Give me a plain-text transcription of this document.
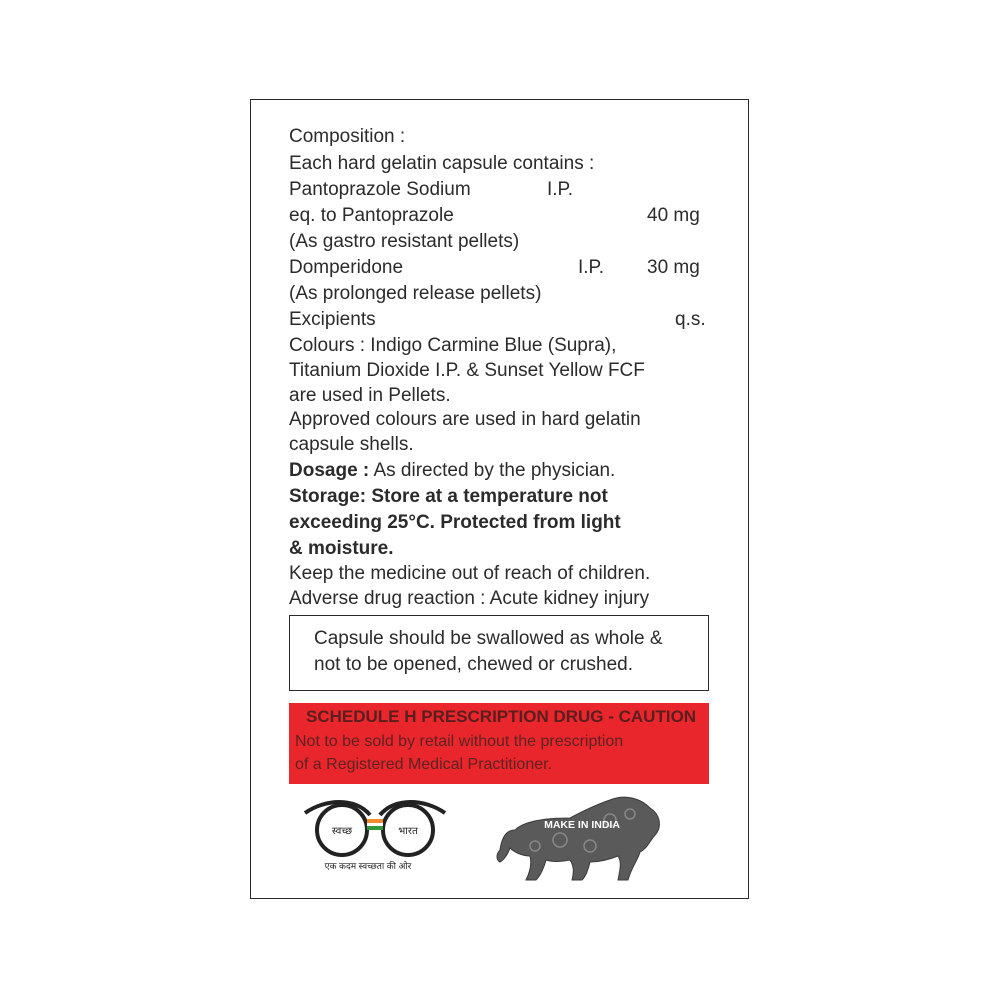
Composition :
Each hard gelatin capsule contains :
Pantoprazole Sodium	I.P.
eq. to Pantoprazole	40 mg
(As gastro resistant pellets)
Domperidone	I.P. 30 mg
(As prolonged release pellets)
Excipients	q.s.
Colours : Indigo Carmine Blue (Supra),
Titanium Dioxide I.P. & Sunset Yellow FCF
are used in Pellets.
Approved colours are used in hard gelatin
capsule shells.
Dosage : As directed by the physician.
Storage: Store at a temperature not
exceeding 25°C. Protected from light
& moisture.
Keep the medicine out of reach of children.
Adverse drug reaction : Acute kidney injury
Capsule should be swallowed as whole &
not to be opened, chewed or crushed.
SCHEDULE H PRESCRIPTION DRUG - CAUTION
Not to be sold by retail without the prescription
of a Registered Medical Practitioner.
स्वच्छ	भारत
एक कदम स्वच्छता की ओर
MAKE IN INDIA
